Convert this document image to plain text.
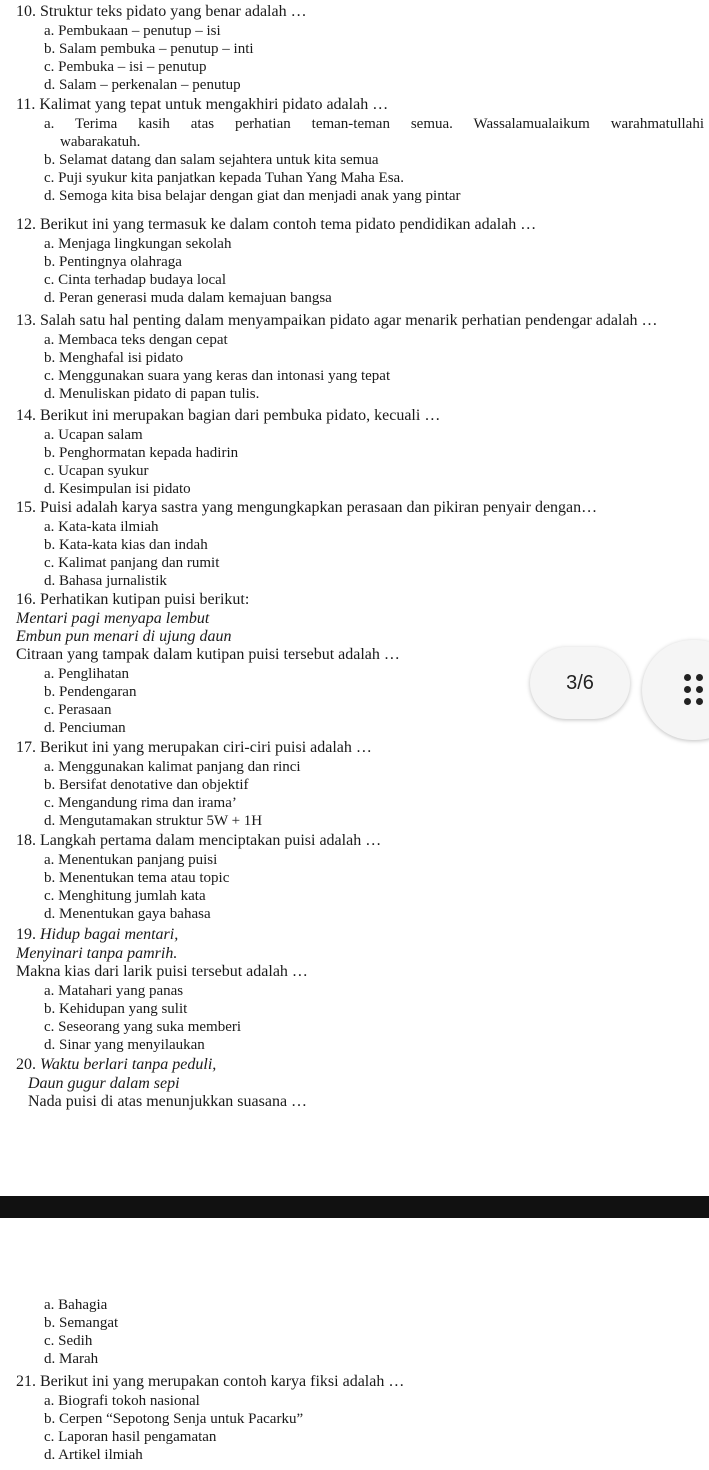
10. Struktur teks pidato yang benar adalah …
a. Pembukaan – penutup – isi
b. Salam pembuka – penutup – inti
c. Pembuka – isi – penutup
d. Salam – perkenalan – penutup
11. Kalimat yang tepat untuk mengakhiri pidato adalah …
a. Terima kasih atas perhatian teman-teman semua. Wassalamualaikum warahmatullahi
wabarakatuh.
b. Selamat datang dan salam sejahtera untuk kita semua
c. Puji syukur kita panjatkan kepada Tuhan Yang Maha Esa.
d. Semoga kita bisa belajar dengan giat dan menjadi anak yang pintar
12. Berikut ini yang termasuk ke dalam contoh tema pidato pendidikan adalah …
a. Menjaga lingkungan sekolah
b. Pentingnya olahraga
c. Cinta terhadap budaya local
d. Peran generasi muda dalam kemajuan bangsa
13. Salah satu hal penting dalam menyampaikan pidato agar menarik perhatian pendengar adalah …
a. Membaca teks dengan cepat
b. Menghafal isi pidato
c. Menggunakan suara yang keras dan intonasi yang tepat
d. Menuliskan pidato di papan tulis.
14. Berikut ini merupakan bagian dari pembuka pidato, kecuali …
a. Ucapan salam
b. Penghormatan kepada hadirin
c. Ucapan syukur
d. Kesimpulan isi pidato
15. Puisi adalah karya sastra yang mengungkapkan perasaan dan pikiran penyair dengan…
a. Kata-kata ilmiah
b. Kata-kata kias dan indah
c. Kalimat panjang dan rumit
d. Bahasa jurnalistik
16. Perhatikan kutipan puisi berikut:
Mentari pagi menyapa lembut
Embun pun menari di ujung daun
Citraan yang tampak dalam kutipan puisi tersebut adalah …
a. Penglihatan
b. Pendengaran
c. Perasaan
d. Penciuman
17. Berikut ini yang merupakan ciri-ciri puisi adalah …
a. Menggunakan kalimat panjang dan rinci
b. Bersifat denotative dan objektif
c. Mengandung rima dan irama’
d. Mengutamakan struktur 5W + 1H
18. Langkah pertama dalam menciptakan puisi adalah …
a. Menentukan panjang puisi
b. Menentukan tema atau topic
c. Menghitung jumlah kata
d. Menentukan gaya bahasa
19. Hidup bagai mentari,
Menyinari tanpa pamrih.
Makna kias dari larik puisi tersebut adalah …
a. Matahari yang panas
b. Kehidupan yang sulit
c. Seseorang yang suka memberi
d. Sinar yang menyilaukan
20. Waktu berlari tanpa peduli,
Daun gugur dalam sepi
Nada puisi di atas menunjukkan suasana …
a. Bahagia
b. Semangat
c. Sedih
d. Marah
21. Berikut ini yang merupakan contoh karya fiksi adalah …
a. Biografi tokoh nasional
b. Cerpen “Sepotong Senja untuk Pacarku”
c. Laporan hasil pengamatan
d. Artikel ilmiah
3/6
